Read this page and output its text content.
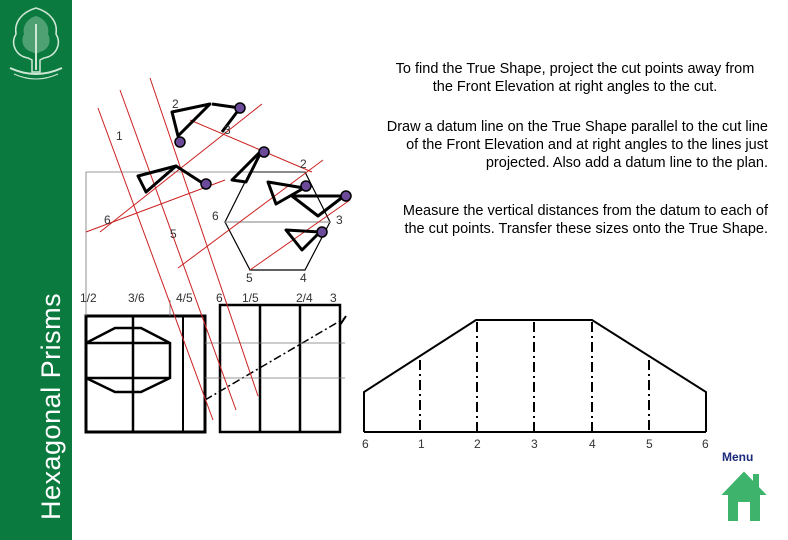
Hexagonal Prisms
To find the True Shape, project the cut points away from the Front Elevation at right angles to the cut.
Draw a datum line on the True Shape parallel to the cut line of the Front Elevation and at right angles to the lines just projected. Also add a datum line to the plan.
Measure the vertical distances from the datum to each of the cut points. Transfer these sizes onto the True Shape.
2
3
1
2
6	6	3
5
5	4
1/2	3/6	4/5 6 1/5	2/4 3
6	1	2	3	4	5	6
Menu
